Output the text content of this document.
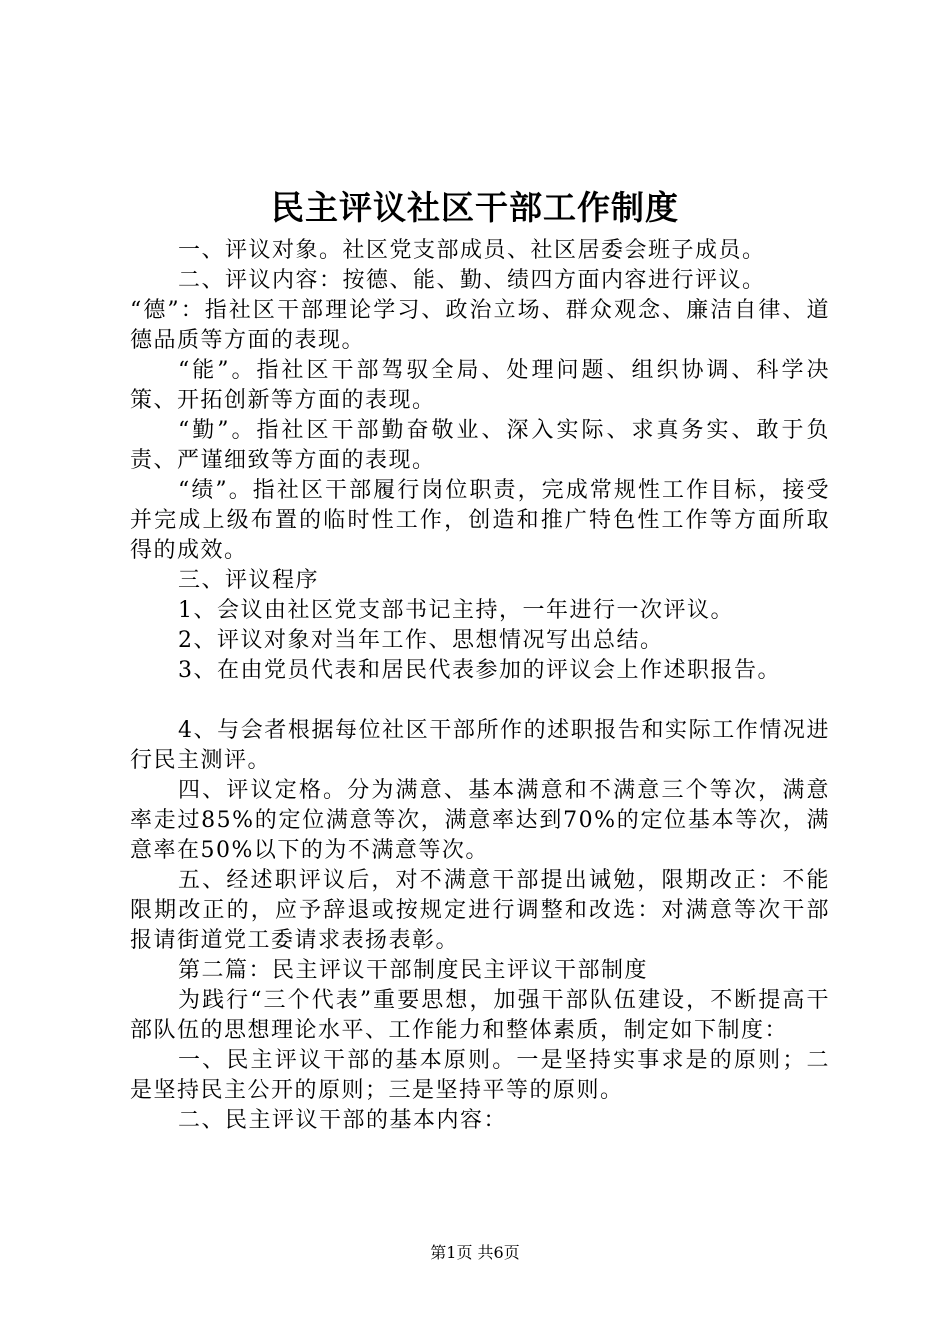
民主评议社区干部工作制度

一、评议对象。社区党支部成员、社区居委会班子成员。

二、评议内容：按德、能、勤、绩四方面内容进行评议。

“德”：指社区干部理论学习、政治立场、群众观念、廉洁自律、道德品质等方面的表现。

“能”。指社区干部驾驭全局、处理问题、组织协调、科学决策、开拓创新等方面的表现。

“勤”。指社区干部勤奋敬业、深入实际、求真务实、敢于负责、严谨细致等方面的表现。

“绩”。指社区干部履行岗位职责，完成常规性工作目标，接受并完成上级布置的临时性工作，创造和推广特色性工作等方面所取得的成效。

三、评议程序

1、会议由社区党支部书记主持，一年进行一次评议。

2、评议对象对当年工作、思想情况写出总结。

3、在由党员代表和居民代表参加的评议会上作述职报告。

4、与会者根据每位社区干部所作的述职报告和实际工作情况进行民主测评。

四、评议定格。分为满意、基本满意和不满意三个等次，满意率走过85%的定位满意等次，满意率达到70%的定位基本等次，满意率在50%以下的为不满意等次。

五、经述职评议后，对不满意干部提出诫勉，限期改正：不能限期改正的，应予辞退或按规定进行调整和改选：对满意等次干部报请街道党工委请求表扬表彰。

第二篇：民主评议干部制度民主评议干部制度

为践行“三个代表”重要思想，加强干部队伍建设，不断提高干部队伍的思想理论水平、工作能力和整体素质，制定如下制度：

一、民主评议干部的基本原则。一是坚持实事求是的原则；二是坚持民主公开的原则；三是坚持平等的原则。

二、民主评议干部的基本内容：

第1页 共6页
